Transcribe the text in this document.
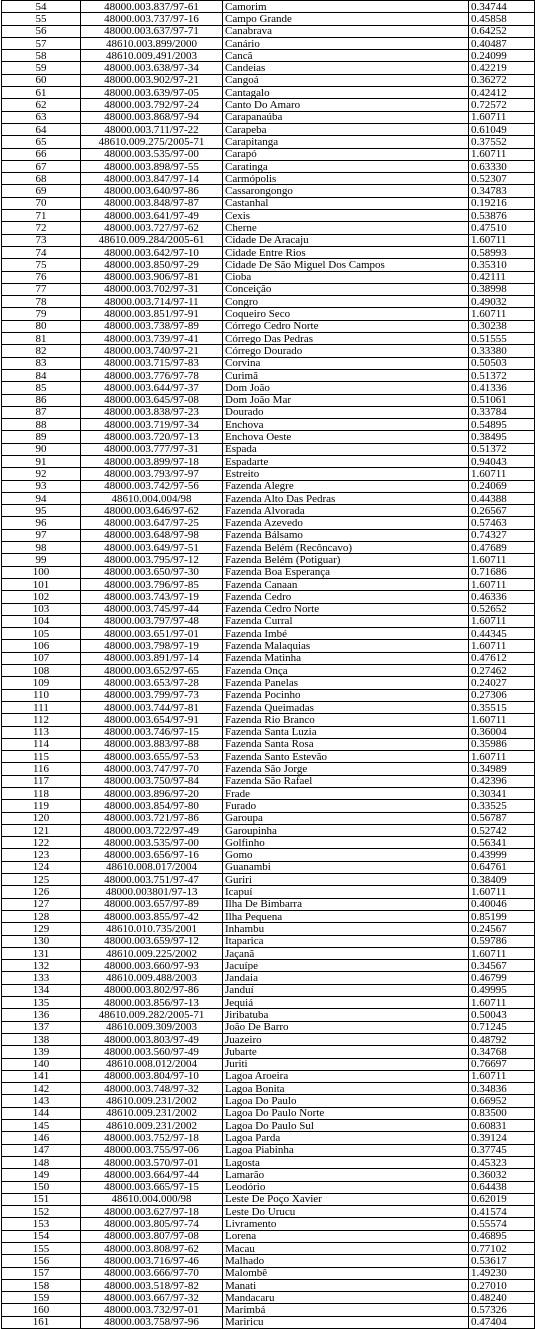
54	48000.003.837/97-61	Camorim	0.34744
55	48000.003.737/97-16	Campo Grande	0.45858
56	48000.003.637/97-71	Canabrava	0.64252
57	48610.003.899/2000	Canário	0.40487
58	48610.009.491/2003	Cancã	0.24099
59	48000.003.638/97-34	Candeias	0.42219
60	48000.003.902/97-21	Cangoá	0.36272
61	48000.003.639/97-05	Cantagalo	0.42412
62	48000.003.792/97-24	Canto Do Amaro	0.72572
63	48000.003.868/97-94	Carapanaúba	1.60711
64	48000.003.711/97-22	Carapeba	0.61049
65	48610.009.275/2005-71	Carapitanga	0.37552
66	48000.003.535/97-00	Carapó	1.60711
67	48000.003.898/97-55	Caratinga	0.63330
68	48000.003.847/97-14	Carmópolis	0.52307
69	48000.003.640/97-86	Cassarongongo	0.34783
70	48000.003.848/97-87	Castanhal	0.19216
71	48000.003.641/97-49	Cexis	0.53876
72	48000.003.727/97-62	Cherne	0.47510
73	48610.009.284/2005-61	Cidade De Aracaju	1.60711
74	48000.003.642/97-10	Cidade Entre Rios	0.58993
75	48000.003.850/97-29	Cidade De São Miguel Dos Campos	0.35310
76	48000.003.906/97-81	Cioba	0.42111
77	48000.003.702/97-31	Conceição	0.38998
78	48000.003.714/97-11	Congro	0.49032
79	48000.003.851/97-91	Coqueiro Seco	1.60711
80	48000.003.738/97-89	Córrego Cedro Norte	0.30238
81	48000.003.739/97-41	Córrego Das Pedras	0.51555
82	48000.003.740/97-21	Córrego Dourado	0.33380
83	48000.003.715/97-83	Corvina	0.50503
84	48000.003.776/97-78	Curimã	0.51372
85	48000.003.644/97-37	Dom João	0.41336
86	48000.003.645/97-08	Dom João Mar	0.51061
87	48000.003.838/97-23	Dourado	0.33784
88	48000.003.719/97-34	Enchova	0.54895
89	48000.003.720/97-13	Enchova Oeste	0.38495
90	48000.003.777/97-31	Espada	0.51372
91	48000.003.899/97-18	Espadarte	0.94043
92	48000.003.793/97-97	Estreito	1.60711
93	48000.003.742/97-56	Fazenda Alegre	0.24069
94	48610.004.004/98	Fazenda Alto Das Pedras	0.44388
95	48000.003.646/97-62	Fazenda Alvorada	0.26567
96	48000.003.647/97-25	Fazenda Azevedo	0.57463
97	48000.003.648/97-98	Fazenda Bálsamo	0.74327
98	48000.003.649/97-51	Fazenda Belém (Recôncavo)	0.47689
99	48000.003.795/97-12	Fazenda Belém (Potiguar)	1.60711
100	48000.003.650/97-30	Fazenda Boa Esperança	0.71686
101	48000.003.796/97-85	Fazenda Canaan	1.60711
102	48000.003.743/97-19	Fazenda Cedro	0.46336
103	48000.003.745/97-44	Fazenda Cedro Norte	0.52652
104	48000.003.797/97-48	Fazenda Curral	1.60711
105	48000.003.651/97-01	Fazenda Imbé	0.44345
106	48000.003.798/97-19	Fazenda Malaquias	1.60711
107	48000.003.891/97-14	Fazenda Matinha	0.47612
108	48000.003.652/97-65	Fazenda Onça	0.27462
109	48000.003.653/97-28	Fazenda Panelas	0.24027
110	48000.003.799/97-73	Fazenda Pocinho	0.27306
111	48000.003.744/97-81	Fazenda Queimadas	0.35515
112	48000.003.654/97-91	Fazenda Rio Branco	1.60711
113	48000.003.746/97-15	Fazenda Santa Luzia	0.36004
114	48000.003.883/97-88	Fazenda Santa Rosa	0.35986
115	48000.003.655/97-53	Fazenda Santo Estevão	1.60711
116	48000.003.747/97-70	Fazenda São Jorge	0.34989
117	48000.003.750/97-84	Fazenda São Rafael	0.42396
118	48000.003.896/97-20	Frade	0.30341
119	48000.003.854/97-80	Furado	0.33525
120	48000.003.721/97-86	Garoupa	0.56787
121	48000.003.722/97-49	Garoupinha	0.52742
122	48000.003.535/97-00	Golfinho	0.56341
123	48000.003.656/97-16	Gomo	0.43999
124	48610.008.017/2004	Guanambi	0.64761
125	48000.003.751/97-47	Guriri	0.38409
126	48000.003801/97-13	Icapuí	1.60711
127	48000.003.657/97-89	Ilha De Bimbarra	0.40046
128	48000.003.855/97-42	Ilha Pequena	0.85199
129	48610.010.735/2001	Inhambu	0.24567
130	48000.003.659/97-12	Itaparica	0.59786
131	48610.009.225/2002	Jaçanã	1.60711
132	48000.003.660/97-93	Jacuípe	0.34567
133	48610.009.488/2003	Jandaia	0.46799
134	48000.003.802/97-86	Janduí	0.49995
135	48000.003.856/97-13	Jequiá	1.60711
136	48610.009.282/2005-71	Jiribatuba	0.50043
137	48610.009.309/2003	João De Barro	0.71245
138	48000.003.803/97-49	Juazeiro	0.48792
139	48000.003.560/97-49	Jubarte	0.34768
140	48610.008.012/2004	Juriti	0.76697
141	48000.003.804/97-10	Lagoa Aroeira	1.60711
142	48000.003.748/97-32	Lagoa Bonita	0.34836
143	48610.009.231/2002	Lagoa Do Paulo	0.66952
144	48610.009.231/2002	Lagoa Do Paulo Norte	0.83500
145	48610.009.231/2002	Lagoa Do Paulo Sul	0.60831
146	48000.003.752/97-18	Lagoa Parda	0.39124
147	48000.003.755/97-06	Lagoa Piabinha	0.37745
148	48000.003.570/97-01	Lagosta	0.45323
149	48000.003.664/97-44	Lamarão	0.36032
150	48000.003.665/97-15	Leodório	0.64438
151	48610.004.000/98	Leste De Poço Xavier	0.62019
152	48000.003.627/97-18	Leste Do Urucu	0.41574
153	48000.003.805/97-74	Livramento	0.55574
154	48000.003.807/97-08	Lorena	0.46895
155	48000.003.808/97-62	Macau	0.77102
156	48000.003.716/97-46	Malhado	0.53617
157	48000.003.666/97-70	Malombê	1.49230
158	48000.003.518/97-82	Manati	0.27010
159	48000.003.667/97-32	Mandacaru	0.48240
160	48000.003.732/97-01	Marimbá	0.57326
161	48000.003.758/97-96	Mariricu	0.47404
